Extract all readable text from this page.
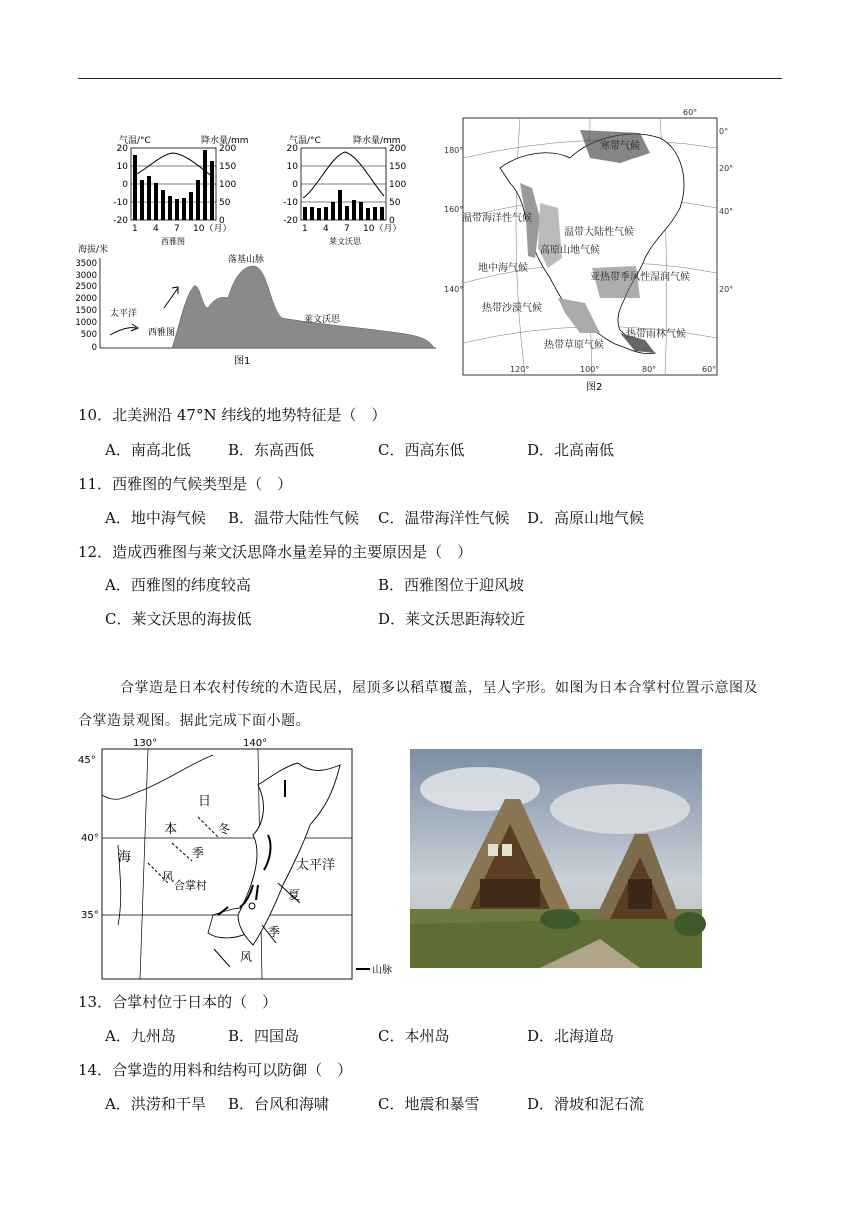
气温/°C	降水量/mm
20
10
0
-10
-20
200
150
100
50
0
1 4 7 10（月）
西雅图
气温/°C	降水量/mm
20
10
0
-10
-20
200
150
100
50
0
1 4 7 10（月）
莱文沃思
海拔/米
3500
3000
2500
2000
1500
1000
500
0
落基山脉
太平洋
西雅图
莱文沃思
图1
寒带气候
温带海洋性气候
温带大陆性气候
高原山地气候
亚热带季风性湿润气候
地中海气候
热带沙漠气候
热带雨林气候
热带草原气候
60°
120°	100°	80°	60°
180°
160°
140°
0°
20°
40°
20°
图2
10．北美洲沿 47°N 纬线的地势特征是（　）
A．南高北低 B．东高西低	C．西高东低	D．北高南低
11．西雅图的气候类型是（　）
A．地中海气候 B．温带大陆性气候 C．温带海洋性气候 D．高原山地气候
12．造成西雅图与莱文沃思降水量差异的主要原因是（　）
A．西雅图的纬度较高	B．西雅图位于迎风坡
C．莱文沃思的海拔低	D．莱文沃思距海较近
合掌造是日本农村传统的木造民居，屋顶多以稻草覆盖，呈人字形。如图为日本合掌村位置示意图及
合掌造景观图。据此完成下面小题。
45°
40°
35°
130°	140°
日
本
海
冬
季
风
合掌村
太平洋
夏
季
风
山脉
13．合掌村位于日本的（　）
A．九州岛	B．四国岛	C．本州岛	D．北海道岛
14．合掌造的用料和结构可以防御（　）
A．洪涝和干旱 B．台风和海啸	C．地震和暴雪	D．滑坡和泥石流
